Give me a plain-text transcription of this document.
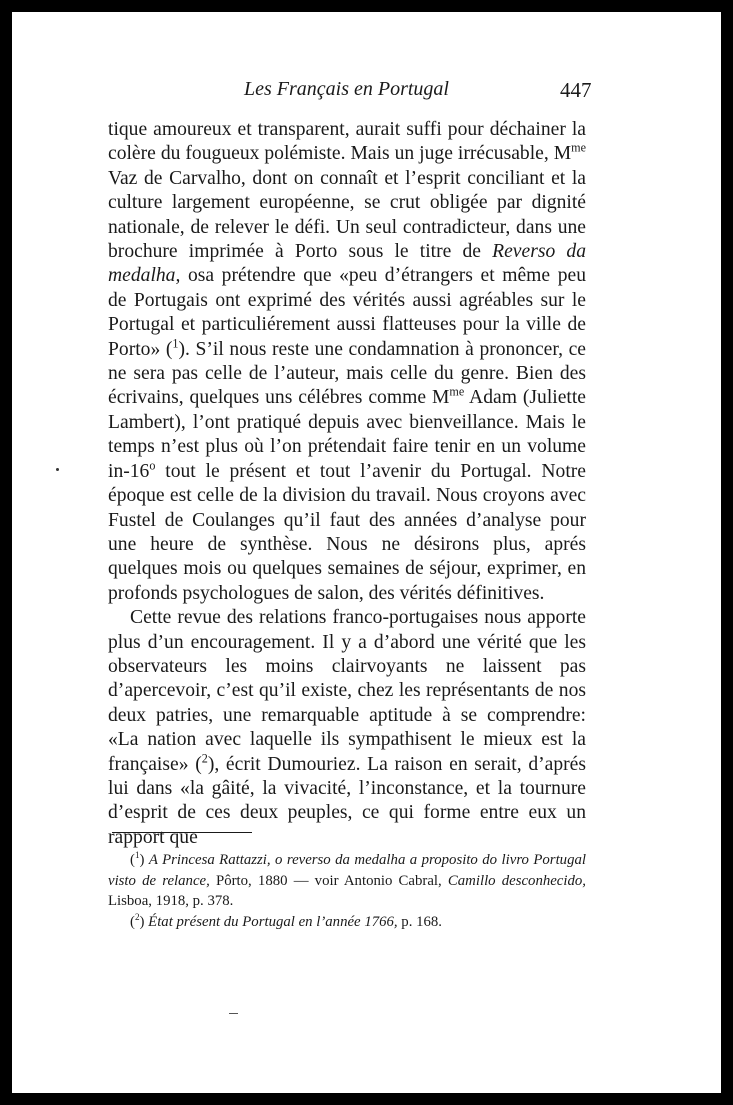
Les Français en Portugal	447

tique amoureux et transparent, aurait suffi pour déchainer la colère du fougueux polémiste. Mais un juge irrécusable, $M^{me}$ Vaz de Carvalho, dont on connaît et l’esprit conciliant et la culture largement européenne, se crut obligée par dignité nationale, de relever le défi. Un seul contradicteur, dans une brochure imprimée à Porto sous le titre de Reverso da medalha, osa prétendre que «peu d’étrangers et même peu de Portugais ont exprimé des vérités aussi agréables sur le Portugal et particuliérement aussi flatteuses pour la ville de Porto» ($^1$). S’il nous reste une condamnation à prononcer, ce ne sera pas celle de l’auteur, mais celle du genre. Bien des écrivains, quelques uns célébres comme $M^{me}$ Adam (Juliette Lambert), l’ont pratiqué depuis avec bienveillance. Mais le temps n’est plus où l’on prétendait faire tenir en un volume in-16$^o$ tout le présent et tout l’avenir du Portugal. Notre époque est celle de la division du travail. Nous croyons avec Fustel de Coulanges qu’il faut des années d’analyse pour une heure de synthèse. Nous ne désirons plus, aprés quelques mois ou quelques semaines de séjour, exprimer, en profonds psychologues de salon, des vérités définitives.

Cette revue des relations franco-portugaises nous apporte plus d’un encouragement. Il y a d’abord une vérité que les observateurs les moins clairvoyants ne laissent pas d’apercevoir, c’est qu’il existe, chez les représentants de nos deux patries, une remarquable aptitude à se comprendre: «La nation avec laquelle ils sympathisent le mieux est la française» ($^2$), écrit Dumouriez. La raison en serait, d’aprés lui dans «la gâité, la vivacité, l’inconstance, et la tournure d’esprit de ces deux peuples, ce qui forme entre eux un rapport que

($^1$) A Princesa Rattazzi, o reverso da medalha a proposito do livro Portugal visto de relance, Pôrto, 1880 — voir Antonio Cabral, Camillo desconhecido, Lisboa, 1918, p. 378.

($^2$) État présent du Portugal en l’année 1766, p. 168.
